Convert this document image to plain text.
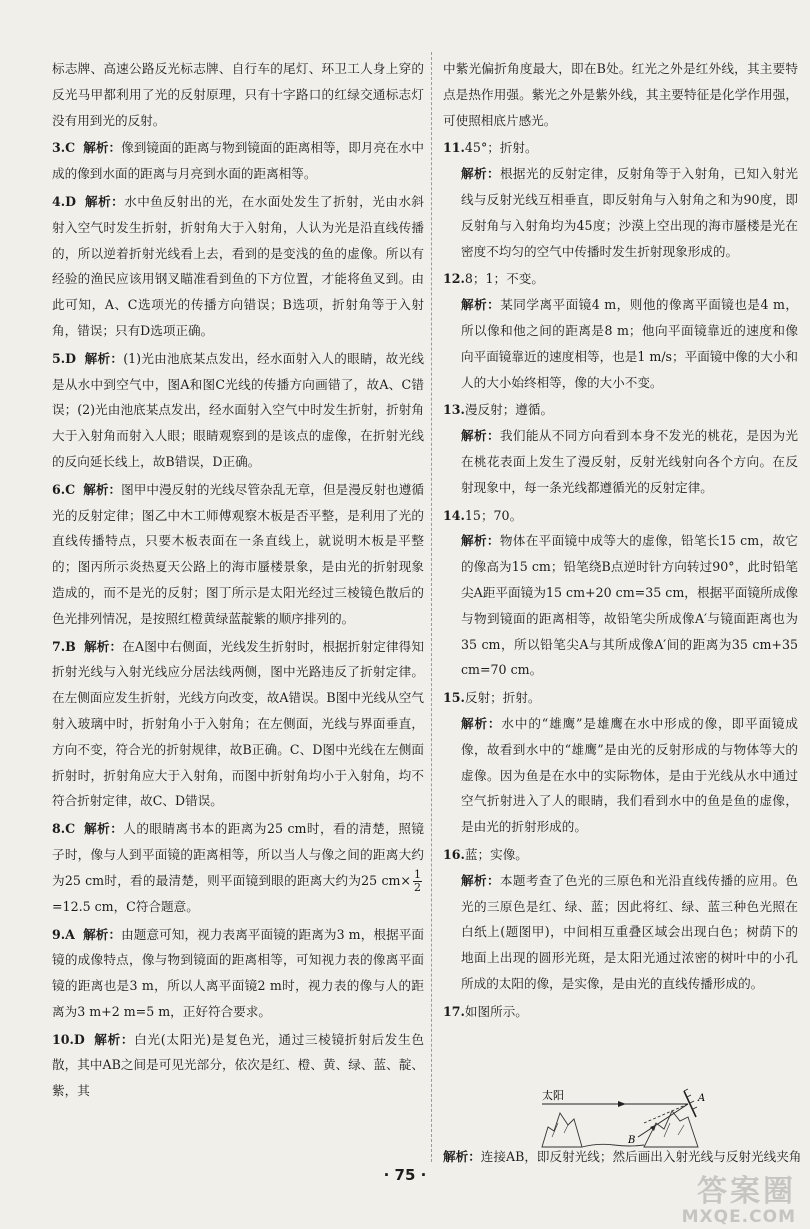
标志牌、高速公路反光标志牌、自行车的尾灯、环卫工人身上穿的反光马甲都利用了光的反射原理，只有十字路口的红绿交通标志灯没有用到光的反射。

3.C 解析：像到镜面的距离与物到镜面的距离相等，即月亮在水中成的像到水面的距离与月亮到水面的距离相等。

4.D 解析：水中鱼反射出的光，在水面处发生了折射，光由水斜射入空气时发生折射，折射角大于入射角，人认为光是沿直线传播的，所以逆着折射光线看上去，看到的是变浅的鱼的虚像。所以有经验的渔民应该用钢叉瞄准看到鱼的下方位置，才能将鱼叉到。由此可知，A、C选项光的传播方向错误；B选项，折射角等于入射角，错误；只有D选项正确。

5.D 解析：(1)光由池底某点发出，经水面射入人的眼睛，故光线是从水中到空气中，图A和图C光线的传播方向画错了，故A、C错误；(2)光由池底某点发出，经水面射入空气中时发生折射，折射角大于入射角而射入人眼；眼睛观察到的是该点的虚像，在折射光线的反向延长线上，故B错误，D正确。

6.C 解析：图甲中漫反射的光线尽管杂乱无章，但是漫反射也遵循光的反射定律；图乙中木工师傅观察木板是否平整，是利用了光的直线传播特点，只要木板表面在一条直线上，就说明木板是平整的；图丙所示炎热夏天公路上的海市蜃楼景象，是由光的折射现象造成的，而不是光的反射；图丁所示是太阳光经过三棱镜色散后的色光排列情况，是按照红橙黄绿蓝靛紫的顺序排列的。

7.B 解析：在A图中右侧面，光线发生折射时，根据折射定律得知折射光线与入射光线应分居法线两侧，图中光路违反了折射定律。在左侧面应发生折射，光线方向改变，故A错误。B图中光线从空气射入玻璃中时，折射角小于入射角；在左侧面，光线与界面垂直，方向不变，符合光的折射规律，故B正确。C、D图中光线在左侧面折射时，折射角应大于入射角，而图中折射角均小于入射角，均不符合折射定律，故C、D错误。

8.C 解析：人的眼睛离书本的距离为25 cm时，看的清楚，照镜子时，像与人到平面镜的距离相等，所以当人与像之间的距离大约为25 cm时，看的最清楚，则平面镜到眼的距离大约为25 $cm\times \frac{1}{2}$
=12.5 cm，C符合题意。

9.A 解析：由题意可知，视力表离平面镜的距离为3 m，根据平面镜的成像特点，像与物到镜面的距离相等，可知视力表的像离平面镜的距离也是3 m，所以人离平面镜2 m时，视力表的像与人的距离为3 m+2 m=5 m，正好符合要求。

10.D 解析：白光(太阳光)是复色光，通过三棱镜折射后发生色散，其中AB之间是可见光部分，依次是红、橙、黄、绿、蓝、靛、紫，其

中紫光偏折角度最大，即在B处。红光之外是红外线，其主要特点是热作用强。紫光之外是紫外线，其主要特征是化学作用强，可使照相底片感光。

11.45°；折射。

解析：根据光的反射定律，反射角等于入射角，已知入射光线与反射光线互相垂直，即反射角与入射角之和为90度，即反射角与入射角均为45度；沙漠上空出现的海市蜃楼是光在密度不均匀的空气中传播时发生折射现象形成的。

12.8；1；不变。

解析：某同学离平面镜4 m，则他的像离平面镜也是4 m，所以像和他之间的距离是8 m；他向平面镜靠近的速度和像向平面镜靠近的速度相等，也是1 m/s；平面镜中像的大小和人的大小始终相等，像的大小不变。

13.漫反射；遵循。

解析：我们能从不同方向看到本身不发光的桃花，是因为光在桃花表面上发生了漫反射，反射光线射向各个方向。在反射现象中，每一条光线都遵循光的反射定律。

14.15；70。

解析：物体在平面镜中成等大的虚像，铅笔长15 cm，故它的像高为15 cm；铅笔绕B点逆时针方向转过90°，此时铅笔尖A距平面镜为15 cm+20 cm=35 cm，根据平面镜所成像与物到镜面的距离相等，故铅笔尖所成像A′与镜面距离也为35 cm，所以铅笔尖A与其所成像A′间的距离为35 cm+35 cm=70 cm。

15.反射；折射。

解析：水中的“雄鹰”是雄鹰在水中形成的像，即平面镜成像，故看到水中的“雄鹰”是由光的反射形成的与物体等大的虚像。因为鱼是在水中的实际物体，是由于光线从水中通过空气折射进入了人的眼睛，我们看到水中的鱼是鱼的虚像，是由光的折射形成的。

16.蓝；实像。

解析：本题考查了色光的三原色和光沿直线传播的应用。色光的三原色是红、绿、蓝；因此将红、绿、蓝三种色光照在白纸上(题图甲)，中间相互重叠区域会出现白色；树荫下的地面上出现的圆形光斑，是太阳光通过浓密的树叶中的小孔所成的太阳的像，是实像，是由光的直线传播形成的。

17.如图所示。

太阳	A
B
解析：连接AB，即反射光线；然后画出入射光线与反射光线夹角
· 75 ·	答案圈
MXQE.COM
